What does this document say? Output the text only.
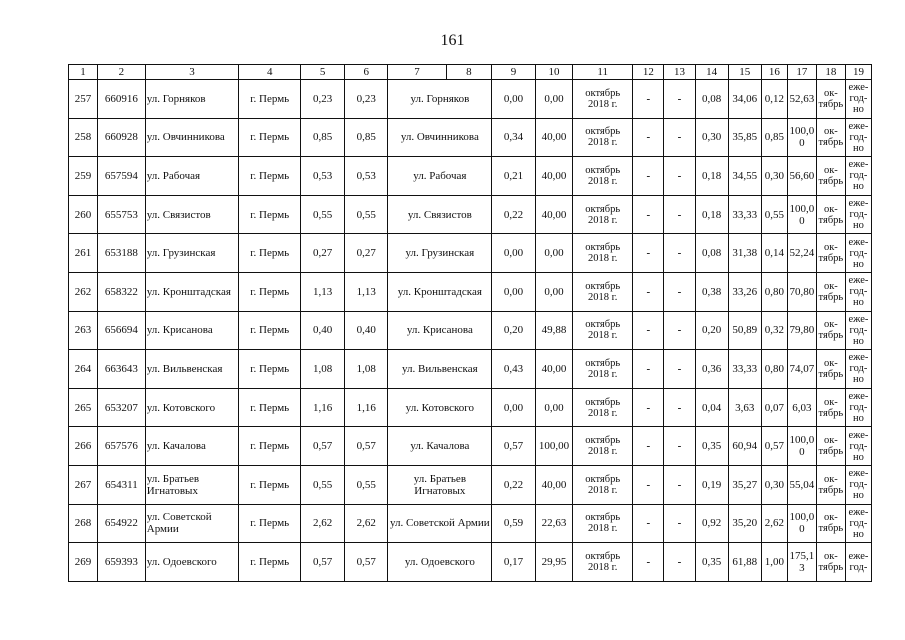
161
1	2	3	4	5	6	7	8	9	10	11	12	13	14	15	16	17	18	19
257	660916	ул. Горняков	г. Пермь	0,23	0,23	ул. Горняков		0,00	0,00	октябрь 2018 г.	-	-	0,08	34,06	0,12	52,63	ок-тябрь	еже-год-но
258	660928	ул. Овчинникова	г. Пермь	0,85	0,85	ул. Овчинникова		0,34	40,00	октябрь 2018 г.	-	-	0,30	35,85	0,85	100,0 0	ок-тябрь	еже-год-но
259	657594	ул. Рабочая	г. Пермь	0,53	0,53	ул. Рабочая		0,21	40,00	октябрь 2018 г.	-	-	0,18	34,55	0,30	56,60	ок-тябрь	еже-год-но
260	655753	ул. Связистов	г. Пермь	0,55	0,55	ул. Связистов		0,22	40,00	октябрь 2018 г.	-	-	0,18	33,33	0,55	100,0 0	ок-тябрь	еже-год-но
261	653188	ул. Грузинская	г. Пермь	0,27	0,27	ул. Грузинская		0,00	0,00	октябрь 2018 г.	-	-	0,08	31,38	0,14	52,24	ок-тябрь	еже-год-но
262	658322	ул. Кронштадская	г. Пермь	1,13	1,13	ул. Кронштадская		0,00	0,00	октябрь 2018 г.	-	-	0,38	33,26	0,80	70,80	ок-тябрь	еже-год-но
263	656694	ул. Крисанова	г. Пермь	0,40	0,40	ул. Крисанова		0,20	49,88	октябрь 2018 г.	-	-	0,20	50,89	0,32	79,80	ок-тябрь	еже-год-но
264	663643	ул. Вильвенская	г. Пермь	1,08	1,08	ул. Вильвенская		0,43	40,00	октябрь 2018 г.	-	-	0,36	33,33	0,80	74,07	ок-тябрь	еже-год-но
265	653207	ул. Котовского	г. Пермь	1,16	1,16	ул. Котовского		0,00	0,00	октябрь 2018 г.	-	-	0,04	3,63	0,07	6,03	ок-тябрь	еже-год-но
266	657576	ул. Качалова	г. Пермь	0,57	0,57	ул. Качалова		0,57	100,00	октябрь 2018 г.	-	-	0,35	60,94	0,57	100,0 0	ок-тябрь	еже-год-но
267	654311	ул. Братьев Игнатовых	г. Пермь	0,55	0,55	ул. Братьев Игнатовых		0,22	40,00	октябрь 2018 г.	-	-	0,19	35,27	0,30	55,04	ок-тябрь	еже-год-но
268	654922	ул. Советской Армии	г. Пермь	2,62	2,62	ул. Советской Армии		0,59	22,63	октябрь 2018 г.	-	-	0,92	35,20	2,62	100,0 0	ок-тябрь	еже-год-но
269	659393	ул. Одоевского	г. Пермь	0,57	0,57	ул. Одоевского		0,17	29,95	октябрь 2018 г.	-	-	0,35	61,88	1,00	175,1 3	ок-тябрь	еже-год-
